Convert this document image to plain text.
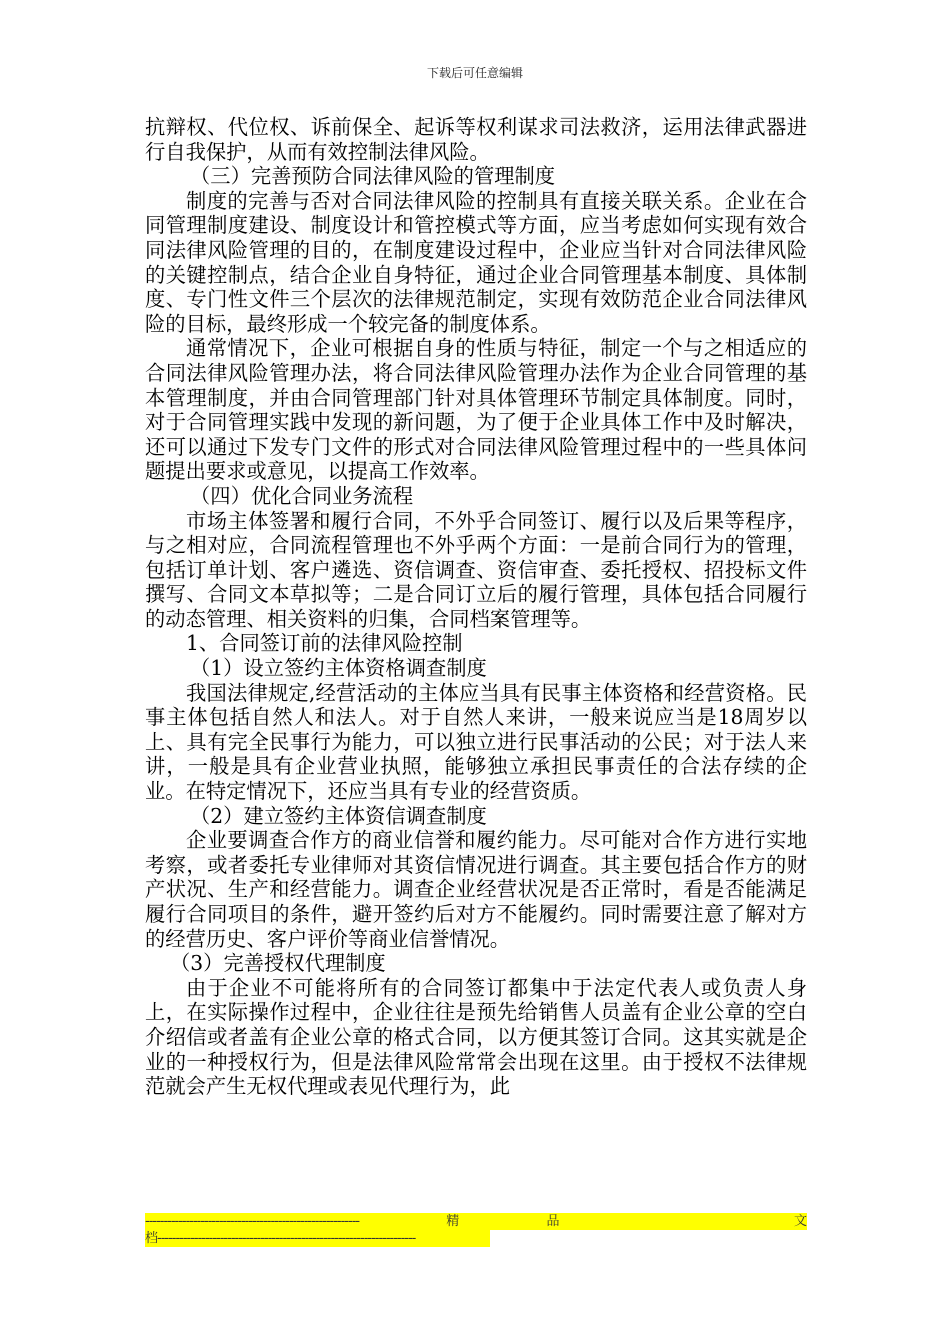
下载后可任意编辑

抗辩权、代位权、诉前保全、起诉等权利谋求司法救济，运用法律武器进行自我保护，从而有效控制法律风险。

（三）完善预防合同法律风险的管理制度

制度的完善与否对合同法律风险的控制具有直接关联关系。企业在合同管理制度建设、制度设计和管控模式等方面，应当考虑如何实现有效合同法律风险管理的目的，在制度建设过程中，企业应当针对合同法律风险的关键控制点，结合企业自身特征，通过企业合同管理基本制度、具体制度、专门性文件三个层次的法律规范制定，实现有效防范企业合同法律风险的目标，最终形成一个较完备的制度体系。

通常情况下，企业可根据自身的性质与特征，制定一个与之相适应的合同法律风险管理办法，将合同法律风险管理办法作为企业合同管理的基本管理制度，并由合同管理部门针对具体管理环节制定具体制度。同时，对于合同管理实践中发现的新问题，为了便于企业具体工作中及时解决，还可以通过下发专门文件的形式对合同法律风险管理过程中的一些具体问题提出要求或意见，以提高工作效率。

（四）优化合同业务流程

市场主体签署和履行合同，不外乎合同签订、履行以及后果等程序，与之相对应，合同流程管理也不外乎两个方面：一是前合同行为的管理，包括订单计划、客户遴选、资信调查、资信审查、委托授权、招投标文件撰写、合同文本草拟等；二是合同订立后的履行管理，具体包括合同履行的动态管理、相关资料的归集，合同档案管理等。

1、合同签订前的法律风险控制

（1）设立签约主体资格调查制度

我国法律规定,经营活动的主体应当具有民事主体资格和经营资格。民事主体包括自然人和法人。对于自然人来讲，一般来说应当是18周岁以上、具有完全民事行为能力，可以独立进行民事活动的公民；对于法人来讲，一般是具有企业营业执照，能够独立承担民事责任的合法存续的企业。在特定情况下，还应当具有专业的经营资质。

（2）建立签约主体资信调查制度

企业要调查合作方的商业信誉和履约能力。尽可能对合作方进行实地考察，或者委托专业律师对其资信情况进行调查。其主要包括合作方的财产状况、生产和经营能力。调查企业经营状况是否正常时，看是否能满足履行合同项目的条件，避开签约后对方不能履约。同时需要注意了解对方的经营历史、客户评价等商业信誉情况。

（3）完善授权代理制度

由于企业不可能将所有的合同签订都集中于法定代表人或负责人身上，在实际操作过程中，企业往往是预先给销售人员盖有企业公章的空白介绍信或者盖有企业公章的格式合同，以方便其签订合同。这其实就是企业的一种授权行为，但是法律风险常常会出现在这里。由于授权不法律规范就会产生无权代理或表见代理行为，此

----------------------------------------------------------	精	品	文
档----------------------------------------------------------------------
